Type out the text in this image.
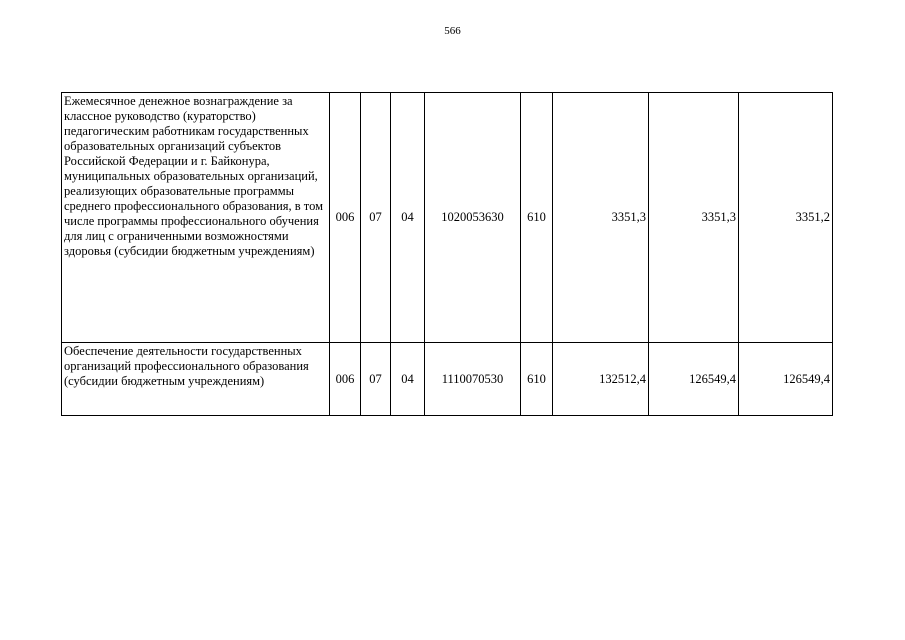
566
Ежемесячное денежное вознаграждение за классное руководство (кураторство) педагогическим работникам государственных образовательных организаций субъектов Российской Федерации и г. Байконура, муниципальных образовательных организаций, реализующих образовательные программы среднего профессионального образования, в том числе программы профессионального обучения для лиц с ограниченными возможностями здоровья (субсидии бюджетным учреждениям)	006	07	04	1020053630	610	3351,3	3351,3	3351,2
Обеспечение деятельности государственных организаций профессионального образования (субсидии бюджетным учреждениям)	006	07	04	1110070530	610	132512,4	126549,4	126549,4
